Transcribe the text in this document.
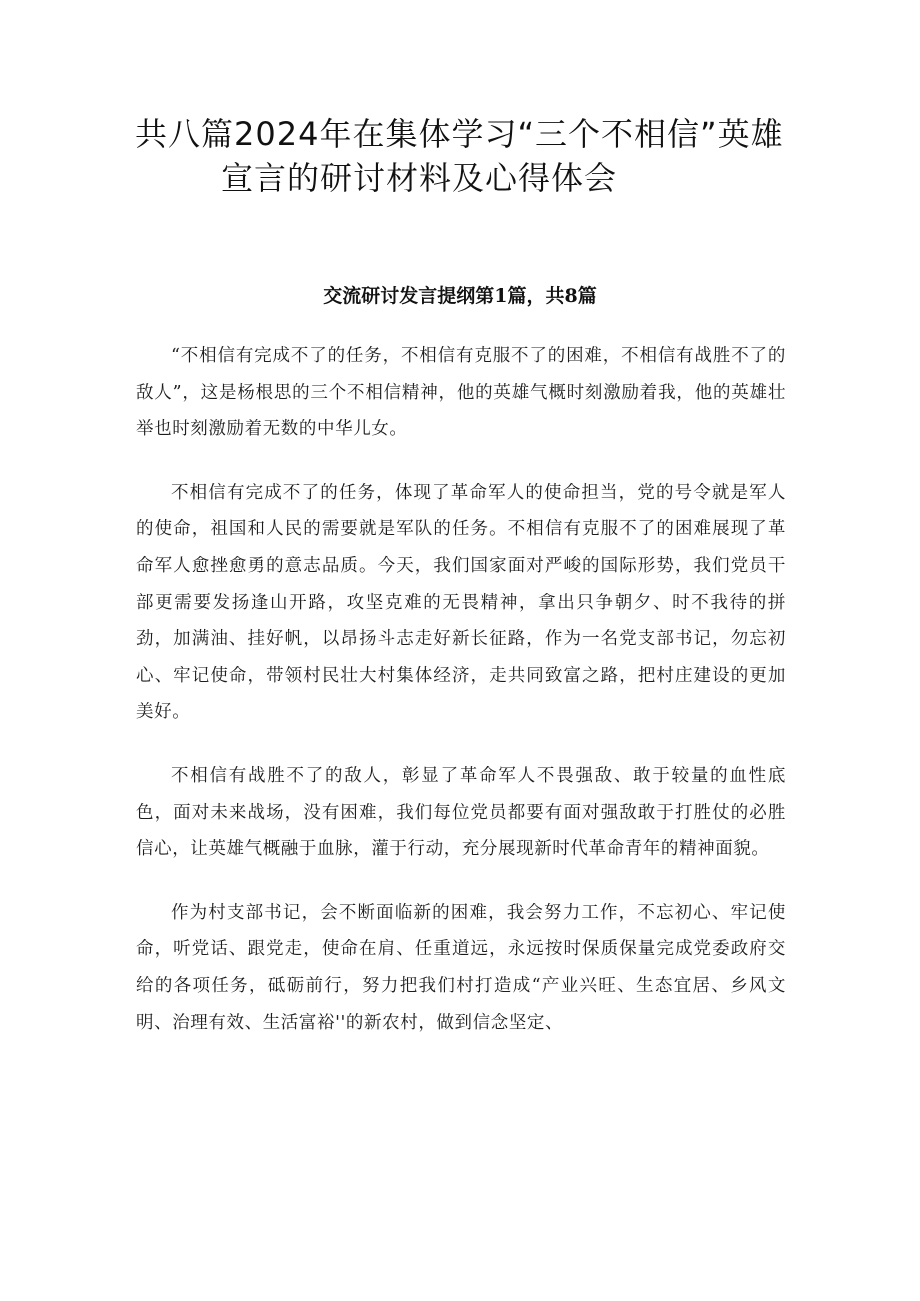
共八篇2024年在集体学习“三个不相信”英雄
宣言的研讨材料及心得体会
交流研讨发言提纲第1篇，共8篇

“不相信有完成不了的任务，不相信有克服不了的困难，不相信有战胜不了的敌人”，这是杨根思的三个不相信精神，他的英雄气概时刻激励着我，他的英雄壮举也时刻激励着无数的中华儿女。

不相信有完成不了的任务，体现了革命军人的使命担当，党的号令就是军人的使命，祖国和人民的需要就是军队的任务。不相信有克服不了的困难展现了革命军人愈挫愈勇的意志品质。今天，我们国家面对严峻的国际形势，我们党员干部更需要发扬逢山开路，攻坚克难的无畏精神，拿出只争朝夕、时不我待的拼劲，加满油、挂好帆，以昂扬斗志走好新长征路，作为一名党支部书记，勿忘初心、牢记使命，带领村民壮大村集体经济，走共同致富之路，把村庄建设的更加美好。

不相信有战胜不了的敌人，彰显了革命军人不畏强敌、敢于较量的血性底色，面对未来战场，没有困难，我们每位党员都要有面对强敌敢于打胜仗的必胜信心，让英雄气概融于血脉，灌于行动，充分展现新时代革命青年的精神面貌。

作为村支部书记，会不断面临新的困难，我会努力工作，不忘初心、牢记使命，听党话、跟党走，使命在肩、任重道远，永远按时保质保量完成党委政府交给的各项任务，砥砺前行，努力把我们村打造成“产业兴旺、生态宜居、乡风文明、治理有效、生活富裕''的新农村，做到信念坚定、
